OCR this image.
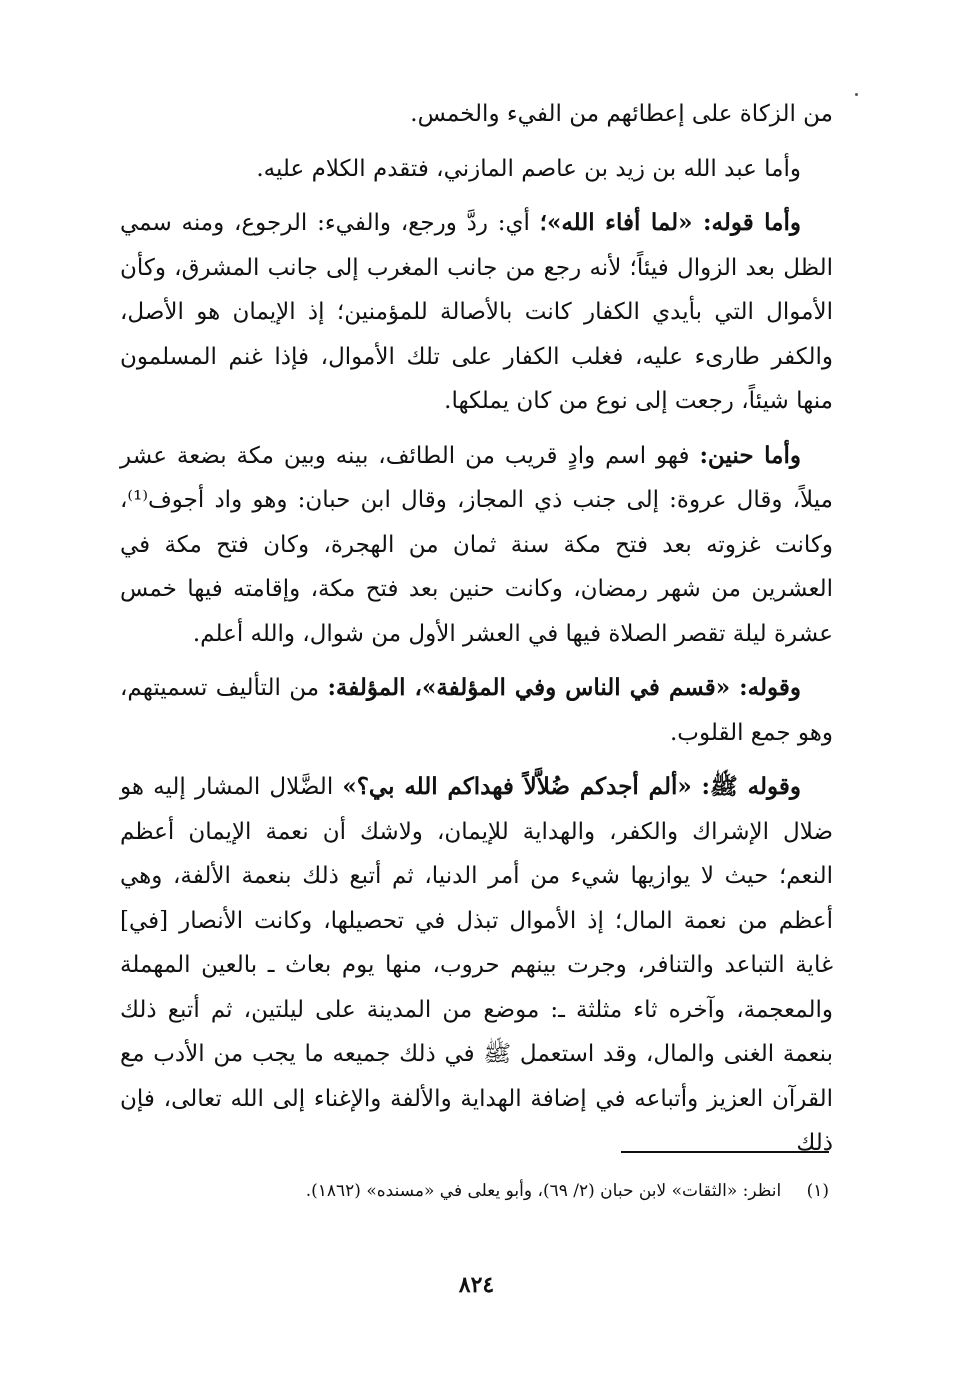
من الزكاة على إعطائهم من الفيء والخمس.

وأما عبد الله بن زيد بن عاصم المازني، فتقدم الكلام عليه.

وأما قوله: «لما أفاء الله»؛ أي: ردَّ ورجع، والفيء: الرجوع، ومنه سمي الظل بعد الزوال فيئاً؛ لأنه رجع من جانب المغرب إلى جانب المشرق، وكأن الأموال التي بأيدي الكفار كانت بالأصالة للمؤمنين؛ إذ الإيمان هو الأصل، والكفر طارىء عليه، فغلب الكفار على تلك الأموال، فإذا غنم المسلمون منها شيئاً، رجعت إلى نوع من كان يملكها.

وأما حنين: فهو اسم وادٍ قريب من الطائف، بينه وبين مكة بضعة عشر ميلاً، وقال عروة: إلى جنب ذي المجاز، وقال ابن حبان: وهو واد أجوف⁽¹⁾، وكانت غزوته بعد فتح مكة سنة ثمان من الهجرة، وكان فتح مكة في العشرين من شهر رمضان، وكانت حنين بعد فتح مكة، وإقامته فيها خمس عشرة ليلة تقصر الصلاة فيها في العشر الأول من شوال، والله أعلم.

وقوله: «قسم في الناس وفي المؤلفة»، المؤلفة: من التأليف تسميتهم، وهو جمع القلوب.

وقوله ﷺ: «ألم أجدكم ضُلاَّلاً فهداكم الله بي؟» الضَّلال المشار إليه هو ضلال الإشراك والكفر، والهداية للإيمان، ولاشك أن نعمة الإيمان أعظم النعم؛ حيث لا يوازيها شيء من أمر الدنيا، ثم أتبع ذلك بنعمة الألفة، وهي أعظم من نعمة المال؛ إذ الأموال تبذل في تحصيلها، وكانت الأنصار [في] غاية التباعد والتنافر، وجرت بينهم حروب، منها يوم بعاث ـ بالعين المهملة والمعجمة، وآخره ثاء مثلثة ـ: موضع من المدينة على ليلتين، ثم أتبع ذلك بنعمة الغنى والمال، وقد استعمل ﷺ في ذلك جميعه ما يجب من الأدب مع القرآن العزيز وأتباعه في إضافة الهداية والألفة والإغناء إلى الله تعالى، فإن ذلك

(١) انظر: «الثقات» لابن حبان (٢/ ٦٩)، وأبو يعلى في «مسنده» (١٨٦٢).
٨٢٤
